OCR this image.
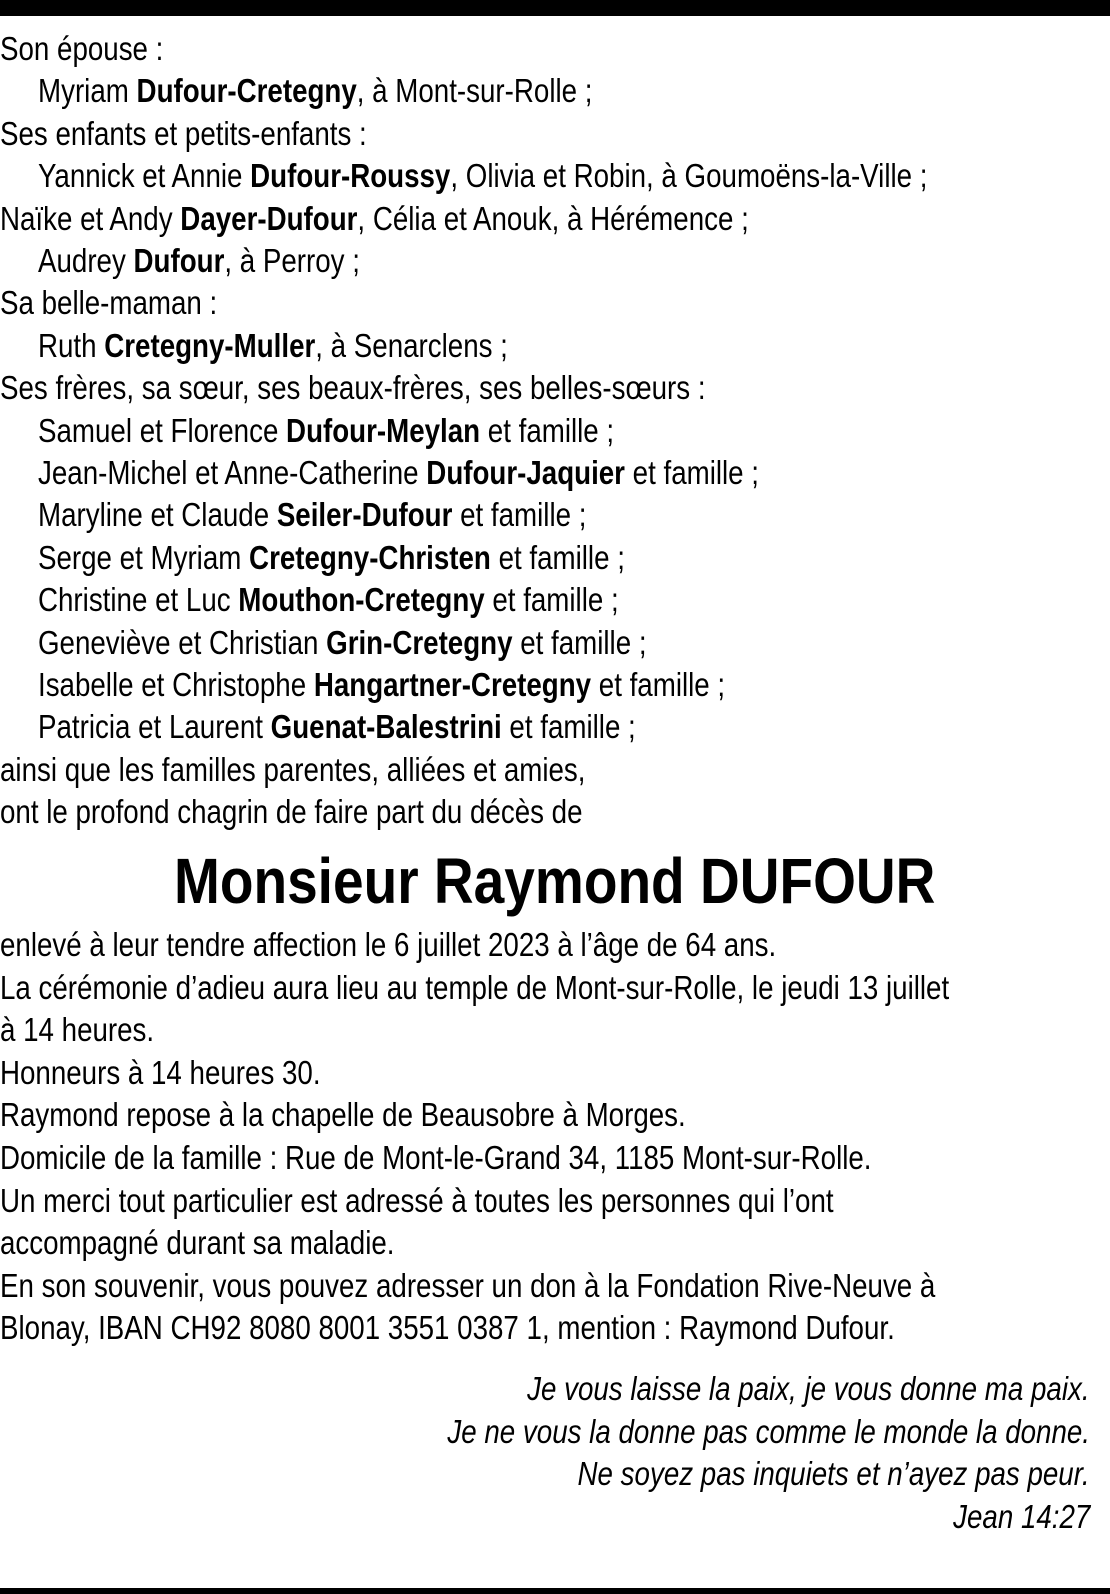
Son épouse :
Myriam Dufour-Cretegny, à Mont-sur-Rolle ;
Ses enfants et petits-enfants :
Yannick et Annie Dufour-Roussy, Olivia et Robin, à Goumoëns-la-Ville ;
Naïke et Andy Dayer-Dufour, Célia et Anouk, à Hérémence ;
Audrey Dufour, à Perroy ;
Sa belle-maman :
Ruth Cretegny-Muller, à Senarclens ;
Ses frères, sa sœur, ses beaux-frères, ses belles-sœurs :
Samuel et Florence Dufour-Meylan et famille ;
Jean-Michel et Anne-Catherine Dufour-Jaquier et famille ;
Maryline et Claude Seiler-Dufour et famille ;
Serge et Myriam Cretegny-Christen et famille ;
Christine et Luc Mouthon-Cretegny et famille ;
Geneviève et Christian Grin-Cretegny et famille ;
Isabelle et Christophe Hangartner-Cretegny et famille ;
Patricia et Laurent Guenat-Balestrini et famille ;
ainsi que les familles parentes, alliées et amies,
ont le profond chagrin de faire part du décès de
Monsieur Raymond DUFOUR
enlevé à leur tendre affection le 6 juillet 2023 à l’âge de 64 ans.
La cérémonie d’adieu aura lieu au temple de Mont-sur-Rolle, le jeudi 13 juillet
à 14 heures.
Honneurs à 14 heures 30.
Raymond repose à la chapelle de Beausobre à Morges.
Domicile de la famille : Rue de Mont-le-Grand 34, 1185 Mont-sur-Rolle.
Un merci tout particulier est adressé à toutes les personnes qui l’ont
accompagné durant sa maladie.
En son souvenir, vous pouvez adresser un don à la Fondation Rive-Neuve à
Blonay, IBAN CH92 8080 8001 3551 0387 1, mention : Raymond Dufour.
Je vous laisse la paix, je vous donne ma paix.
Je ne vous la donne pas comme le monde la donne.
Ne soyez pas inquiets et n’ayez pas peur.
Jean 14:27
